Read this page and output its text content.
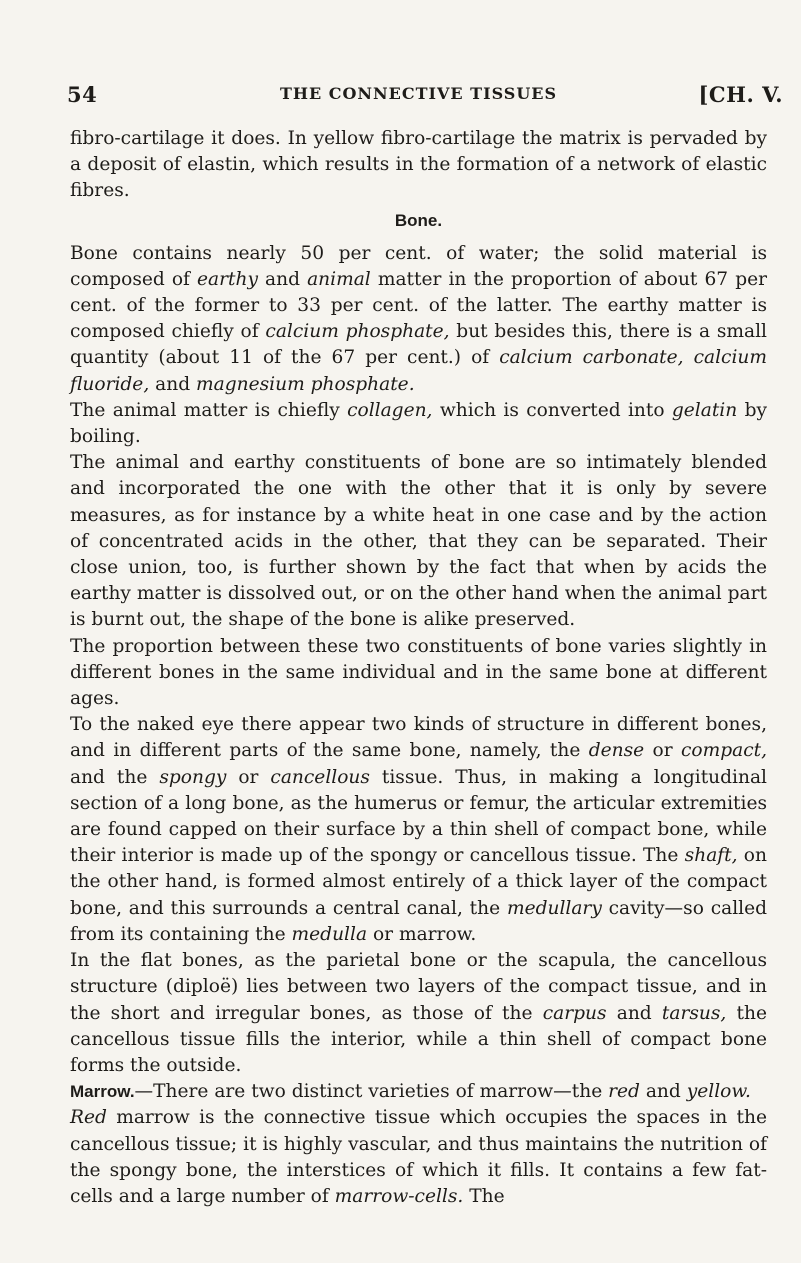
54	THE CONNECTIVE TISSUES	[CH. V.

fibro-cartilage it does. In yellow fibro-cartilage the matrix is pervaded by a deposit of elastin, which results in the formation of a network of elastic fibres.

Bone.

Bone contains nearly 50 per cent. of water; the solid material is composed of earthy and animal matter in the proportion of about 67 per cent. of the former to 33 per cent. of the latter. The earthy matter is composed chiefly of calcium phosphate, but besides this, there is a small quantity (about 11 of the 67 per cent.) of calcium carbonate, calcium fluoride, and magnesium phosphate.

The animal matter is chiefly collagen, which is converted into gelatin by boiling.

The animal and earthy constituents of bone are so intimately blended and incorporated the one with the other that it is only by severe measures, as for instance by a white heat in one case and by the action of concentrated acids in the other, that they can be separated. Their close union, too, is further shown by the fact that when by acids the earthy matter is dissolved out, or on the other hand when the animal part is burnt out, the shape of the bone is alike preserved.

The proportion between these two constituents of bone varies slightly in different bones in the same individual and in the same bone at different ages.

To the naked eye there appear two kinds of structure in different bones, and in different parts of the same bone, namely, the dense or compact, and the spongy or cancellous tissue. Thus, in making a longitudinal section of a long bone, as the humerus or femur, the articular extremities are found capped on their surface by a thin shell of compact bone, while their interior is made up of the spongy or cancellous tissue. The shaft, on the other hand, is formed almost entirely of a thick layer of the compact bone, and this surrounds a central canal, the medullary cavity—so called from its containing the medulla or marrow.

In the flat bones, as the parietal bone or the scapula, the cancellous structure (diploë) lies between two layers of the compact tissue, and in the short and irregular bones, as those of the carpus and tarsus, the cancellous tissue fills the interior, while a thin shell of compact bone forms the outside.

Marrow.—There are two distinct varieties of marrow—the red and yellow.

Red marrow is the connective tissue which occupies the spaces in the cancellous tissue; it is highly vascular, and thus maintains the nutrition of the spongy bone, the interstices of which it fills. It contains a few fat-cells and a large number of marrow-cells. The
